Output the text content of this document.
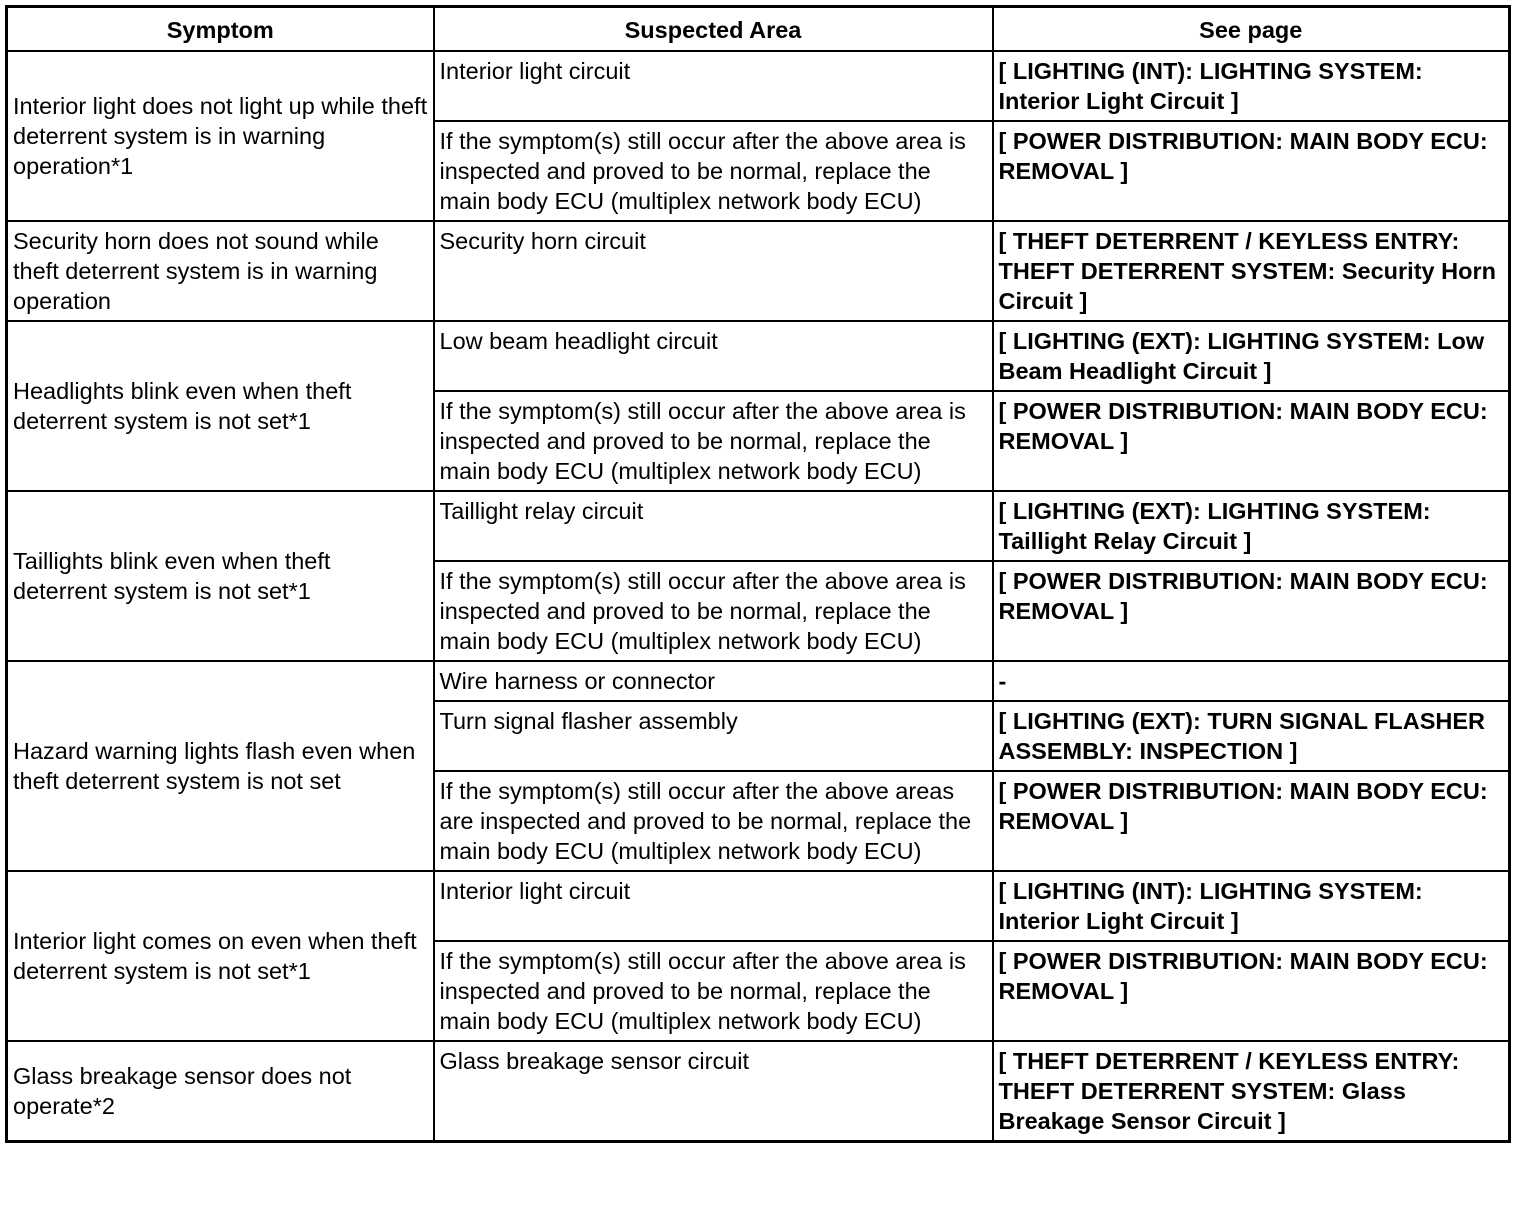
Symptom	Suspected Area	See page
Interior light does not light up while theft deterrent system is in warning operation*1	Interior light circuit	[ LIGHTING (INT): LIGHTING SYSTEM: Interior Light Circuit ]
	If the symptom(s) still occur after the above area is inspected and proved to be normal, replace the main body ECU (multiplex network body ECU)	[ POWER DISTRIBUTION: MAIN BODY ECU: REMOVAL ]
Security horn does not sound while theft deterrent system is in warning operation	Security horn circuit	[ THEFT DETERRENT / KEYLESS ENTRY: THEFT DETERRENT SYSTEM: Security Horn Circuit ]
Headlights blink even when theft deterrent system is not set*1	Low beam headlight circuit	[ LIGHTING (EXT): LIGHTING SYSTEM: Low Beam Headlight Circuit ]
	If the symptom(s) still occur after the above area is inspected and proved to be normal, replace the main body ECU (multiplex network body ECU)	[ POWER DISTRIBUTION: MAIN BODY ECU: REMOVAL ]
Taillights blink even when theft deterrent system is not set*1	Taillight relay circuit	[ LIGHTING (EXT): LIGHTING SYSTEM: Taillight Relay Circuit ]
	If the symptom(s) still occur after the above area is inspected and proved to be normal, replace the main body ECU (multiplex network body ECU)	[ POWER DISTRIBUTION: MAIN BODY ECU: REMOVAL ]
Hazard warning lights flash even when theft deterrent system is not set	Wire harness or connector	-
	Turn signal flasher assembly	[ LIGHTING (EXT): TURN SIGNAL FLASHER ASSEMBLY: INSPECTION ]
	If the symptom(s) still occur after the above areas are inspected and proved to be normal, replace the main body ECU (multiplex network body ECU)	[ POWER DISTRIBUTION: MAIN BODY ECU: REMOVAL ]
Interior light comes on even when theft deterrent system is not set*1	Interior light circuit	[ LIGHTING (INT): LIGHTING SYSTEM: Interior Light Circuit ]
	If the symptom(s) still occur after the above area is inspected and proved to be normal, replace the main body ECU (multiplex network body ECU)	[ POWER DISTRIBUTION: MAIN BODY ECU: REMOVAL ]
Glass breakage sensor does not operate*2	Glass breakage sensor circuit	[ THEFT DETERRENT / KEYLESS ENTRY: THEFT DETERRENT SYSTEM: Glass Breakage Sensor Circuit ]
